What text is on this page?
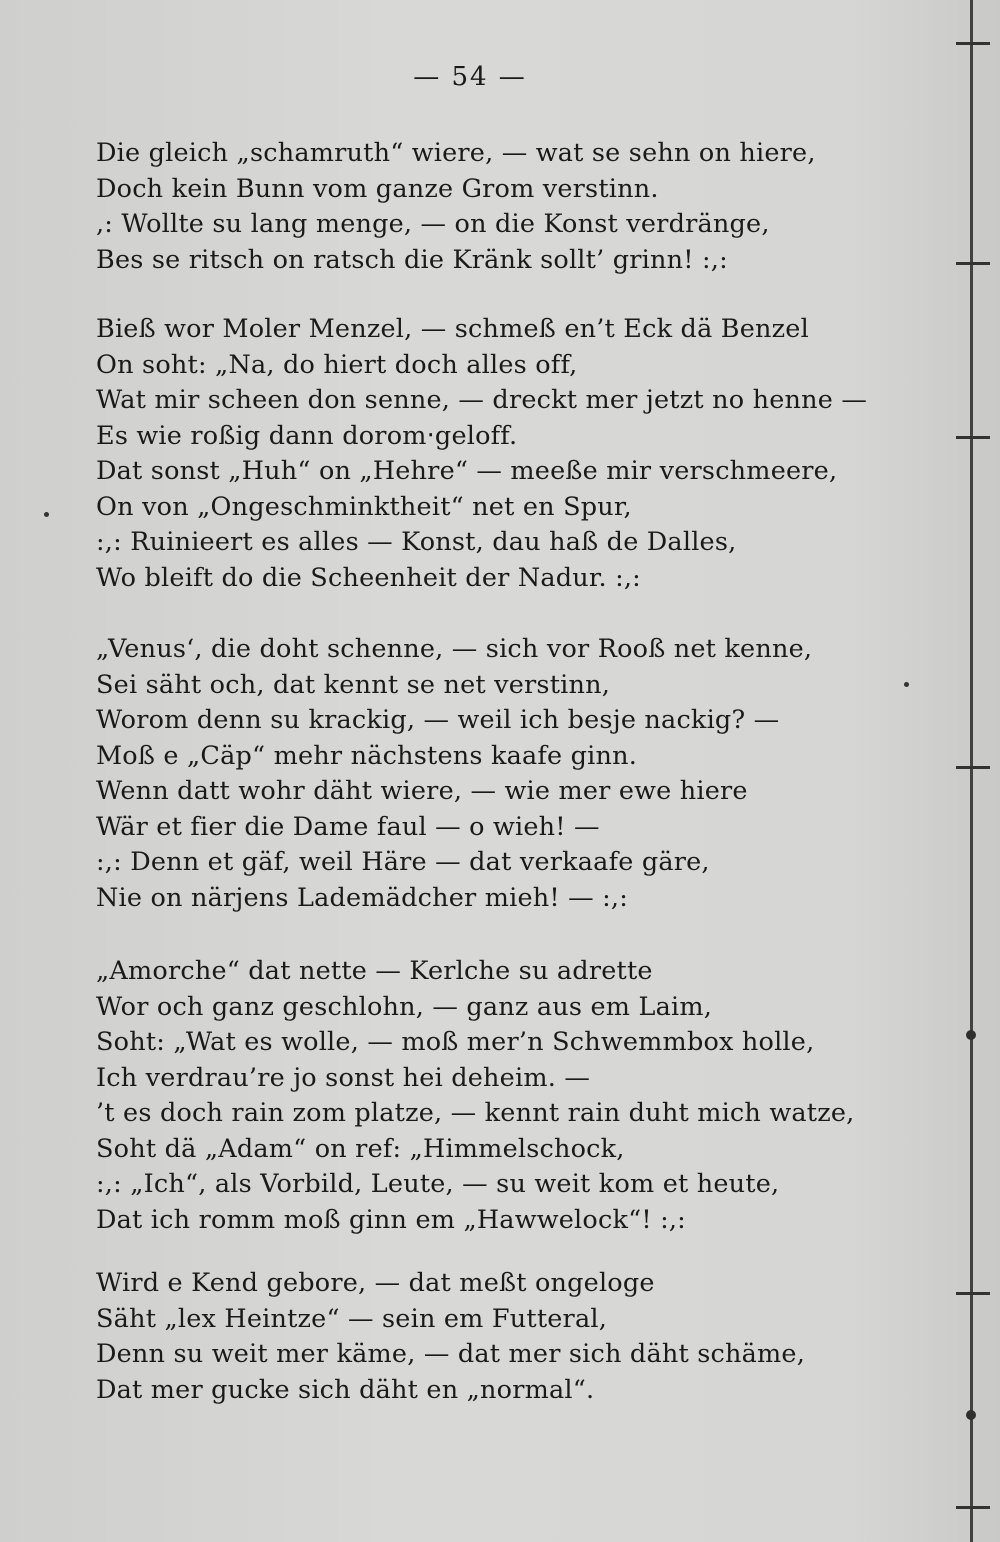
— 54 —
Die gleich „schamruth“ wiere, — wat se sehn on hiere,
Doch kein Bunn vom ganze Grom verstinn.
,: Wollte su lang menge, — on die Konst verdränge,
Bes se ritsch on ratsch die Kränk sollt’ grinn! :,:
Bieß wor Moler Menzel, — schmeß en’t Eck dä Benzel
On soht: „Na, do hiert doch alles off,
Wat mir scheen don senne, — dreckt mer jetzt no henne —
Es wie roßig dann dorom‧geloff.
Dat sonst „Huh“ on „Hehre“ — meeße mir verschmeere,
On von „Ongeschminktheit“ net en Spur,
:,: Ruinieert es alles — Konst, dau haß de Dalles,
Wo bleift do die Scheenheit der Nadur. :,:
„Venus‘, die doht schenne, — sich vor Rooß net kenne,
Sei säht och, dat kennt se net verstinn,
Worom denn su krackig, — weil ich besje nackig? —
Moß e „Cäp“ mehr nächstens kaafe ginn.
Wenn datt wohr däht wiere, — wie mer ewe hiere
Wär et fier die Dame faul — o wieh! —
:,: Denn et gäf, weil Häre — dat verkaafe gäre,
Nie on närjens Lademädcher mieh! — :,:
„Amorche“ dat nette — Kerlche su adrette
Wor och ganz geschlohn, — ganz aus em Laim,
Soht: „Wat es wolle, — moß mer’n Schwemmbox holle,
Ich verdrau’re jo sonst hei deheim. —
’t es doch rain zom platze, — kennt rain duht mich watze,
Soht dä „Adam“ on ref: „Himmelschock,
:,: „Ich“, als Vorbild, Leute, — su weit kom et heute,
Dat ich romm moß ginn em „Hawwelock“! :,:
Wird e Kend gebore, — dat meßt ongeloge
Säht „lex Heintze“ — sein em Futteral,
Denn su weit mer käme, — dat mer sich däht schäme,
Dat mer gucke sich däht en „normal“.
